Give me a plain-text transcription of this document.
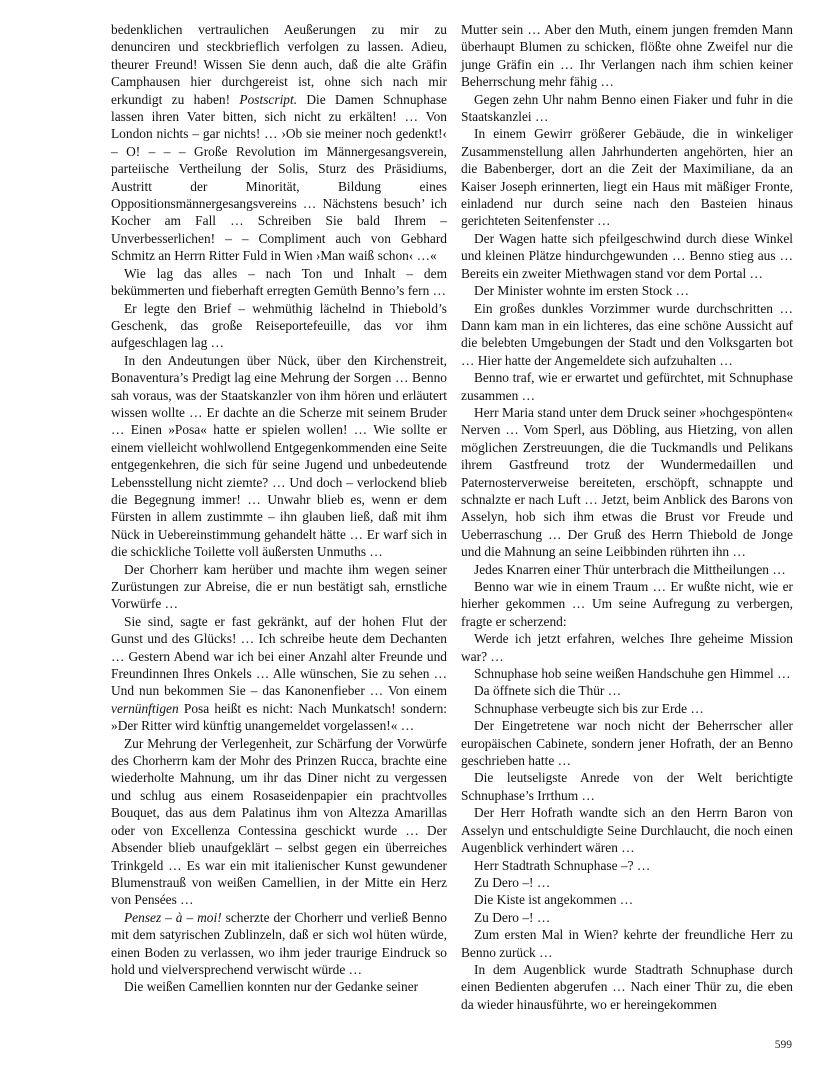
bedenklichen vertraulichen Aeußerungen zu mir zu denunciren und steckbrieflich verfolgen zu lassen. Adieu, theurer Freund! Wissen Sie denn auch, daß die alte Gräfin Camphausen hier durchgereist ist, ohne sich nach mir erkundigt zu haben! Postscript. Die Damen Schnuphase lassen ihren Vater bitten, sich nicht zu erkälten! … Von London nichts – gar nichts! … ›Ob sie meiner noch gedenkt!‹ – O! – – – Große Revolution im Männergesangsverein, parteiische Vertheilung der Solis, Sturz des Präsidiums, Austritt der Minorität, Bildung eines Oppositionsmännergesangsvereins … Nächstens besuch’ ich Kocher am Fall … Schreiben Sie bald Ihrem – Unverbesserlichen! – – Compliment auch von Gebhard Schmitz an Herrn Ritter Fuld in Wien ›Man waiß schon‹ …«

Wie lag das alles – nach Ton und Inhalt – dem bekümmerten und fieberhaft erregten Gemüth Benno’s fern …

Er legte den Brief – wehmüthig lächelnd in Thiebold’s Geschenk, das große Reiseportefeuille, das vor ihm aufgeschlagen lag …

In den Andeutungen über Nück, über den Kirchenstreit, Bonaventura’s Predigt lag eine Mehrung der Sorgen … Benno sah voraus, was der Staatskanzler von ihm hören und erläutert wissen wollte … Er dachte an die Scherze mit seinem Bruder … Einen »Posa« hatte er spielen wollen! … Wie sollte er einem vielleicht wohlwollend Entgegenkommenden eine Seite entgegenkehren, die sich für seine Jugend und unbedeutende Lebensstellung nicht ziemte? … Und doch – verlockend blieb die Begegnung immer! … Unwahr blieb es, wenn er dem Fürsten in allem zustimmte – ihn glauben ließ, daß mit ihm Nück in Uebereinstimmung gehandelt hätte … Er warf sich in die schickliche Toilette voll äußersten Unmuths …

Der Chorherr kam herüber und machte ihm wegen seiner Zurüstungen zur Abreise, die er nun bestätigt sah, ernstliche Vorwürfe …

Sie sind, sagte er fast gekränkt, auf der hohen Flut der Gunst und des Glücks! … Ich schreibe heute dem Dechanten … Gestern Abend war ich bei einer Anzahl alter Freunde und Freundinnen Ihres Onkels … Alle wünschen, Sie zu sehen … Und nun bekommen Sie – das Kanonenfieber … Von einem vernünftigen Posa heißt es nicht: Nach Munkatsch! sondern: »Der Ritter wird künftig unangemeldet vorgelassen!« …

Zur Mehrung der Verlegenheit, zur Schärfung der Vorwürfe des Chorherrn kam der Mohr des Prinzen Rucca, brachte eine wiederholte Mahnung, um ihr das Diner nicht zu vergessen und schlug aus einem Rosaseidenpapier ein prachtvolles Bouquet, das aus dem Palatinus ihm von Altezza Amarillas oder von Excellenza Contessina geschickt wurde … Der Absender blieb unaufgeklärt – selbst gegen ein überreiches Trinkgeld … Es war ein mit italienischer Kunst gewundener Blumenstrauß von weißen Camellien, in der Mitte ein Herz von Pensées …

Pensez – à – moi! scherzte der Chorherr und verließ Benno mit dem satyrischen Zublinzeln, daß er sich wol hüten würde, einen Boden zu verlassen, wo ihm jeder traurige Eindruck so hold und vielversprechend verwischt würde …

Die weißen Camellien konnten nur der Gedanke seiner

Mutter sein … Aber den Muth, einem jungen fremden Mann überhaupt Blumen zu schicken, flößte ohne Zweifel nur die junge Gräfin ein … Ihr Verlangen nach ihm schien keiner Beherrschung mehr fähig …

Gegen zehn Uhr nahm Benno einen Fiaker und fuhr in die Staatskanzlei …

In einem Gewirr größerer Gebäude, die in winkeliger Zusammenstellung allen Jahrhunderten angehörten, hier an die Babenberger, dort an die Zeit der Maximiliane, da an Kaiser Joseph erinnerten, liegt ein Haus mit mäßiger Fronte, einladend nur durch seine nach den Basteien hinaus gerichteten Seitenfenster …

Der Wagen hatte sich pfeilgeschwind durch diese Winkel und kleinen Plätze hindurchgewunden … Benno stieg aus … Bereits ein zweiter Miethwagen stand vor dem Portal …

Der Minister wohnte im ersten Stock …

Ein großes dunkles Vorzimmer wurde durchschritten … Dann kam man in ein lichteres, das eine schöne Aussicht auf die belebten Umgebungen der Stadt und den Volksgarten bot … Hier hatte der Angemeldete sich aufzuhalten …

Benno traf, wie er erwartet und gefürchtet, mit Schnuphase zusammen …

Herr Maria stand unter dem Druck seiner »hochgespönten« Nerven … Vom Sperl, aus Döbling, aus Hietzing, von allen möglichen Zerstreuungen, die die Tuckmandls und Pelikans ihrem Gastfreund trotz der Wundermedaillen und Paternosterverweise bereiteten, erschöpft, schnappte und schnalzte er nach Luft … Jetzt, beim Anblick des Barons von Asselyn, hob sich ihm etwas die Brust vor Freude und Ueberraschung … Der Gruß des Herrn Thiebold de Jonge und die Mahnung an seine Leibbinden rührten ihn …

Jedes Knarren einer Thür unterbrach die Mittheilungen …

Benno war wie in einem Traum … Er wußte nicht, wie er hierher gekommen … Um seine Aufregung zu verbergen, fragte er scherzend:

Werde ich jetzt erfahren, welches Ihre geheime Mission war? …

Schnuphase hob seine weißen Handschuhe gen Himmel …

Da öffnete sich die Thür …

Schnuphase verbeugte sich bis zur Erde …

Der Eingetretene war noch nicht der Beherrscher aller europäischen Cabinete, sondern jener Hofrath, der an Benno geschrieben hatte …

Die leutseligste Anrede von der Welt berichtigte Schnuphase’s Irrthum …

Der Herr Hofrath wandte sich an den Herrn Baron von Asselyn und entschuldigte Seine Durchlaucht, die noch einen Augenblick verhindert wären …

Herr Stadtrath Schnuphase –? …

Zu Dero –! …

Die Kiste ist angekommen …

Zu Dero –! …

Zum ersten Mal in Wien? kehrte der freundliche Herr zu Benno zurück …

In dem Augenblick wurde Stadtrath Schnuphase durch einen Bedienten abgerufen … Nach einer Thür zu, die eben da wieder hinausführte, wo er hereingekommen

599
